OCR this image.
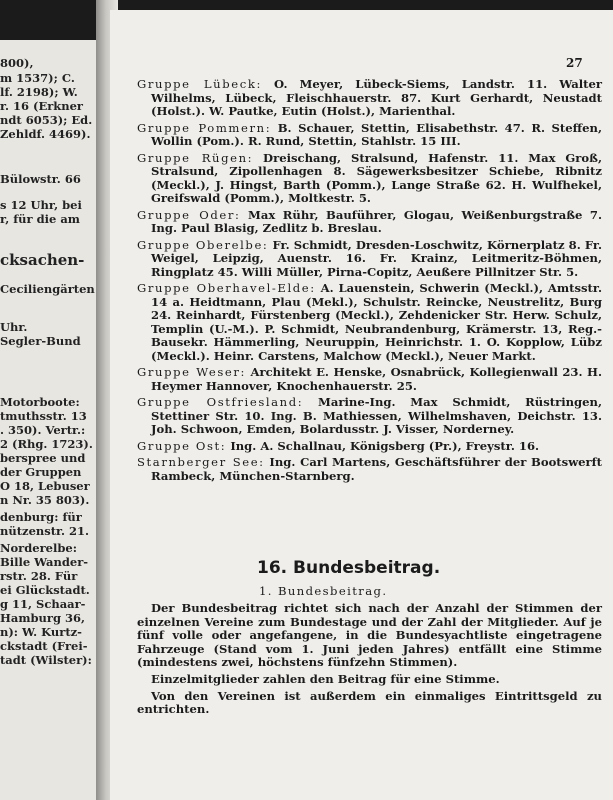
800),
m 1537); C.
lf. 2198); W.
r. 16 (Erkner
ndt 6053); Ed.
Zehldf. 4469).
Bülowstr. 66
s 12 Uhr, bei
r, für die am
cksachen-
Ceciliengärten
Uhr.
Segler-Bund
Motorboote:
tmuthsstr. 13
. 350). Vertr.:
2 (Rhg. 1723).
berspree und
der Gruppen
O 18, Lebuser
n Nr. 35 803).
denburg: für
nützenstr. 21.
Norderelbe:
Bille Wander-
rstr. 28. Für
ei Glückstadt.
g 11, Schaar-
Hamburg 36,
n): W. Kurtz-
ckstadt (Frei-
tadt (Wilster):
27

Gruppe Lübeck: O. Meyer, Lübeck-Siems, Landstr. 11. Walter Wilhelms, Lübeck, Fleischhauerstr. 87. Kurt Gerhardt, Neustadt (Holst.). W. Pautke, Eutin (Holst.), Marienthal.

Gruppe Pommern: B. Schauer, Stettin, Elisabethstr. 47. R. Steffen, Wollin (Pom.). R. Rund, Stettin, Stahlstr. 15 III.

Gruppe Rügen: Dreischang, Stralsund, Hafenstr. 11. Max Groß, Stralsund, Zipollenhagen 8. Sägewerksbesitzer Schiebe, Ribnitz (Meckl.), J. Hingst, Barth (Pomm.), Lange Straße 62. H. Wulfhekel, Greifswald (Pomm.), Moltkestr. 5.

Gruppe Oder: Max Rühr, Bauführer, Glogau, Weißenburgstraße 7. Ing. Paul Blasig, Zedlitz b. Breslau.

Gruppe Oberelbe: Fr. Schmidt, Dresden-Loschwitz, Körnerplatz 8. Fr. Weigel, Leipzig, Auenstr. 16. Fr. Krainz, Leitmeritz-Böhmen, Ringplatz 45. Willi Müller, Pirna-Copitz, Aeußere Pillnitzer Str. 5.

Gruppe Oberhavel-Elde: A. Lauenstein, Schwerin (Meckl.), Amtsstr. 14 a. Heidtmann, Plau (Mekl.), Schulstr. Reincke, Neustrelitz, Burg 24. Reinhardt, Fürstenberg (Meckl.), Zehdenicker Str. Herw. Schulz, Templin (U.-M.). P. Schmidt, Neubrandenburg, Krämerstr. 13, Reg.-Bausekr. Hämmerling, Neuruppin, Heinrichstr. 1. O. Kopplow, Lübz (Meckl.). Heinr. Carstens, Malchow (Meckl.), Neuer Markt.

Gruppe Weser: Architekt E. Henske, Osnabrück, Kollegienwall 23. H. Heymer Hannover, Knochenhauerstr. 25.

Gruppe Ostfriesland: Marine-Ing. Max Schmidt, Rüstringen, Stettiner Str. 10. Ing. B. Mathiessen, Wilhelmshaven, Deichstr. 13. Joh. Schwoon, Emden, Bolardusstr. J. Visser, Norderney.

Gruppe Ost: Ing. A. Schallnau, Königsberg (Pr.), Freystr. 16.

Starnberger See: Ing. Carl Martens, Geschäftsführer der Bootswerft Rambeck, München-Starnberg.

16. Bundesbeitrag.
1. Bundesbeitrag.

Der Bundesbeitrag richtet sich nach der Anzahl der Stimmen der einzelnen Vereine zum Bundestage und der Zahl der Mitglieder. Auf je fünf volle oder angefangene, in die Bundesyachtliste eingetragene Fahrzeuge (Stand vom 1. Juni jeden Jahres) entfällt eine Stimme (mindestens zwei, höchstens fünfzehn Stimmen).

Einzelmitglieder zahlen den Beitrag für eine Stimme.

Von den Vereinen ist außerdem ein einmaliges Eintrittsgeld zu entrichten.
